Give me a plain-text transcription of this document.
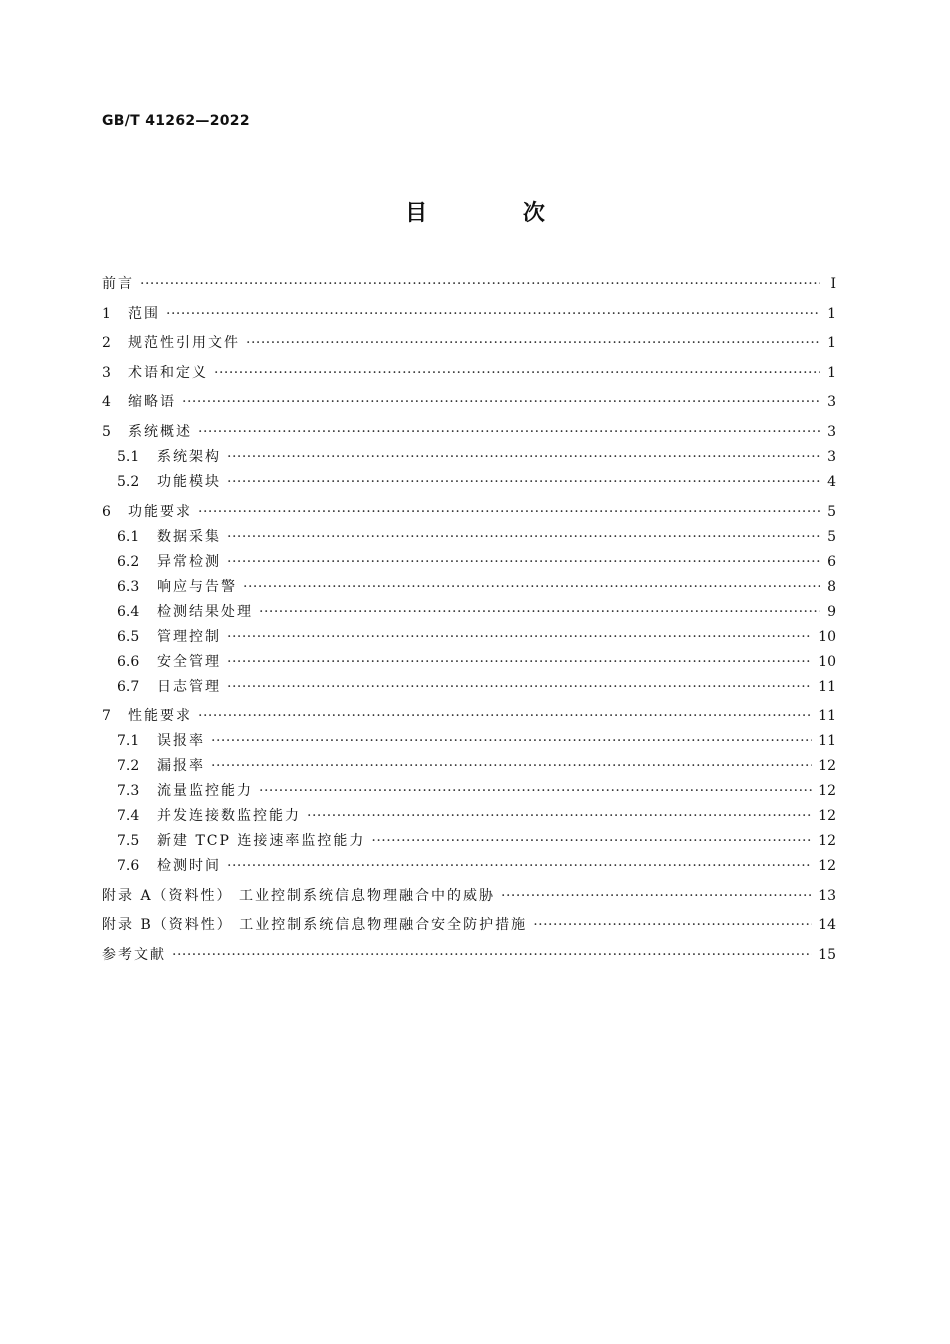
GB/T 41262—2022
目 次
前言 ·····	Ⅰ
1	范围 ·····	1
2	规范性引用文件 ·····	1
3	术语和定义 ·····	1
4	缩略语 ·····	3
5	系统概述 ·····	3
5.1	系统架构 ·····	3
5.2	功能模块 ·····	4
6	功能要求 ·····	5
6.1	数据采集 ·····	5
6.2	异常检测 ·····	6
6.3	响应与告警 ·····	8
6.4	检测结果处理 ·····	9
6.5	管理控制 ·····	10
6.6	安全管理 ·····	10
6.7	日志管理 ·····	11
7	性能要求 ·····	11
7.1	误报率 ·····	11
7.2	漏报率 ·····	12
7.3	流量监控能力 ·····	12
7.4	并发连接数监控能力 ·····	12
7.5	新建 TCP 连接速率监控能力 ·····	12
7.6	检测时间 ·····	12
附录 A（资料性） 工业控制系统信息物理融合中的威胁 ·····	13
附录 B（资料性） 工业控制系统信息物理融合安全防护措施 ·····	14
参考文献 ·····	15
